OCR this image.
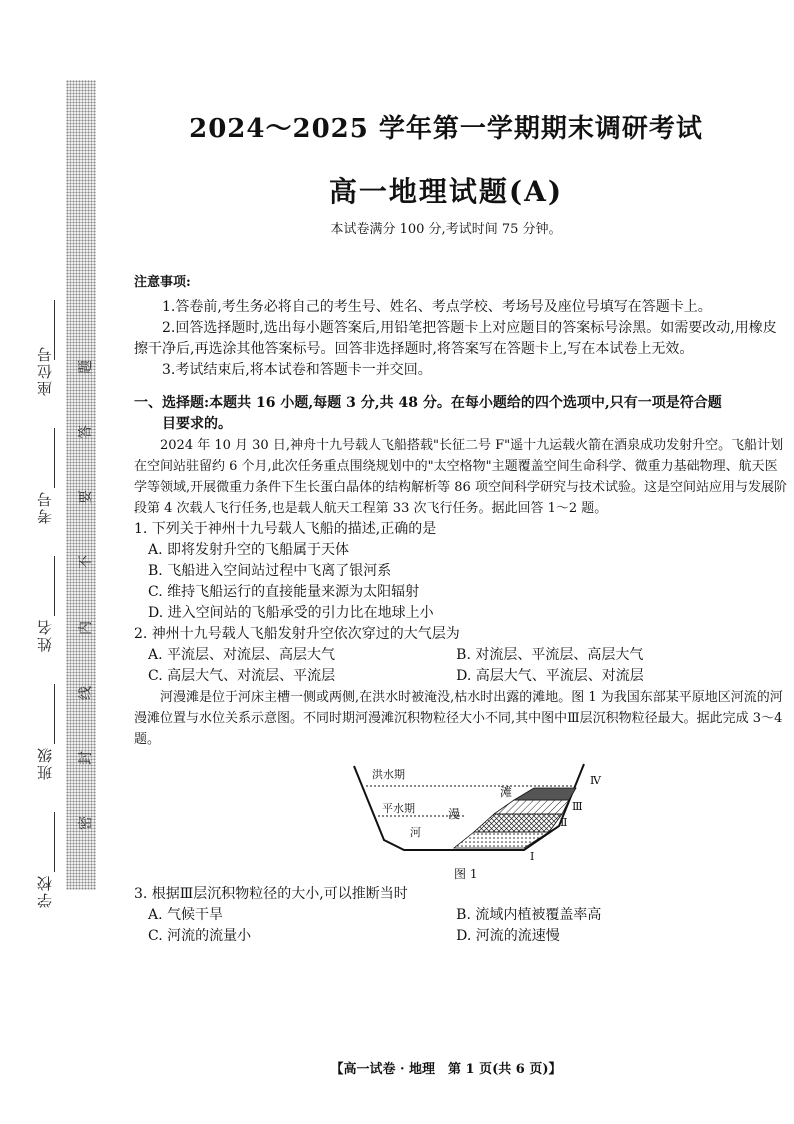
题
答
要
不
内
线
封
密
座位号
考号
姓名
班级
学校
2024～2025 学年第一学期期末调研考试
高一地理试题(A)
本试卷满分 100 分,考试时间 75 分钟。

注意事项:

1.答卷前,考生务必将自己的考生号、姓名、考点学校、考场号及座位号填写在答题卡上。

2.回答选择题时,选出每小题答案后,用铅笔把答题卡上对应题目的答案标号涂黑。如需要改动,用橡皮擦干净后,再选涂其他答案标号。回答非选择题时,将答案写在答题卡上,写在本试卷上无效。

3.考试结束后,将本试卷和答题卡一并交回。

一、选择题:本题共 16 小题,每题 3 分,共 48 分。在每小题给的四个选项中,只有一项是符合题
目要求的。

2024 年 10 月 30 日,神舟十九号载人飞船搭载"长征二号 F"遥十九运载火箭在酒泉成功发射升空。飞船计划在空间站驻留约 6 个月,此次任务重点围绕规划中的"太空格物"主题覆盖空间生命科学、微重力基础物理、航天医学等领域,开展微重力条件下生长蛋白晶体的结构解析等 86 项空间科学研究与技术试验。这是空间站应用与发展阶段第 4 次载人飞行任务,也是载人航天工程第 33 次飞行任务。据此回答 1～2 题。

1. 下列关于神州十九号载人飞船的描述,正确的是

A. 即将发射升空的飞船属于天体
B. 飞船进入空间站过程中飞离了银河系
C. 维持飞船运行的直接能量来源为太阳辐射
D. 进入空间站的飞船承受的引力比在地球上小

2. 神州十九号载人飞船发射升空依次穿过的大气层为

A. 平流层、对流层、高层大气	B. 对流层、平流层、高层大气
C. 高层大气、对流层、平流层	D. 高层大气、平流层、对流层

河漫滩是位于河床主槽一侧或两侧,在洪水时被淹没,枯水时出露的滩地。图 1 为我国东部某平原地区河流的河漫滩位置与水位关系示意图。不同时期河漫滩沉积物粒径大小不同,其中图中Ⅲ层沉积物粒径最大。据此完成 3～4 题。

洪水期
平水期
河
漫
滩
Ⅳ
Ⅲ
Ⅱ
Ⅰ
图 1

3. 根据Ⅲ层沉积物粒径的大小,可以推断当时

A. 气候干旱	B. 流域内植被覆盖率高
C. 河流的流量小	D. 河流的流速慢
【高一试卷 · 地理　第 1 页(共 6 页)】
